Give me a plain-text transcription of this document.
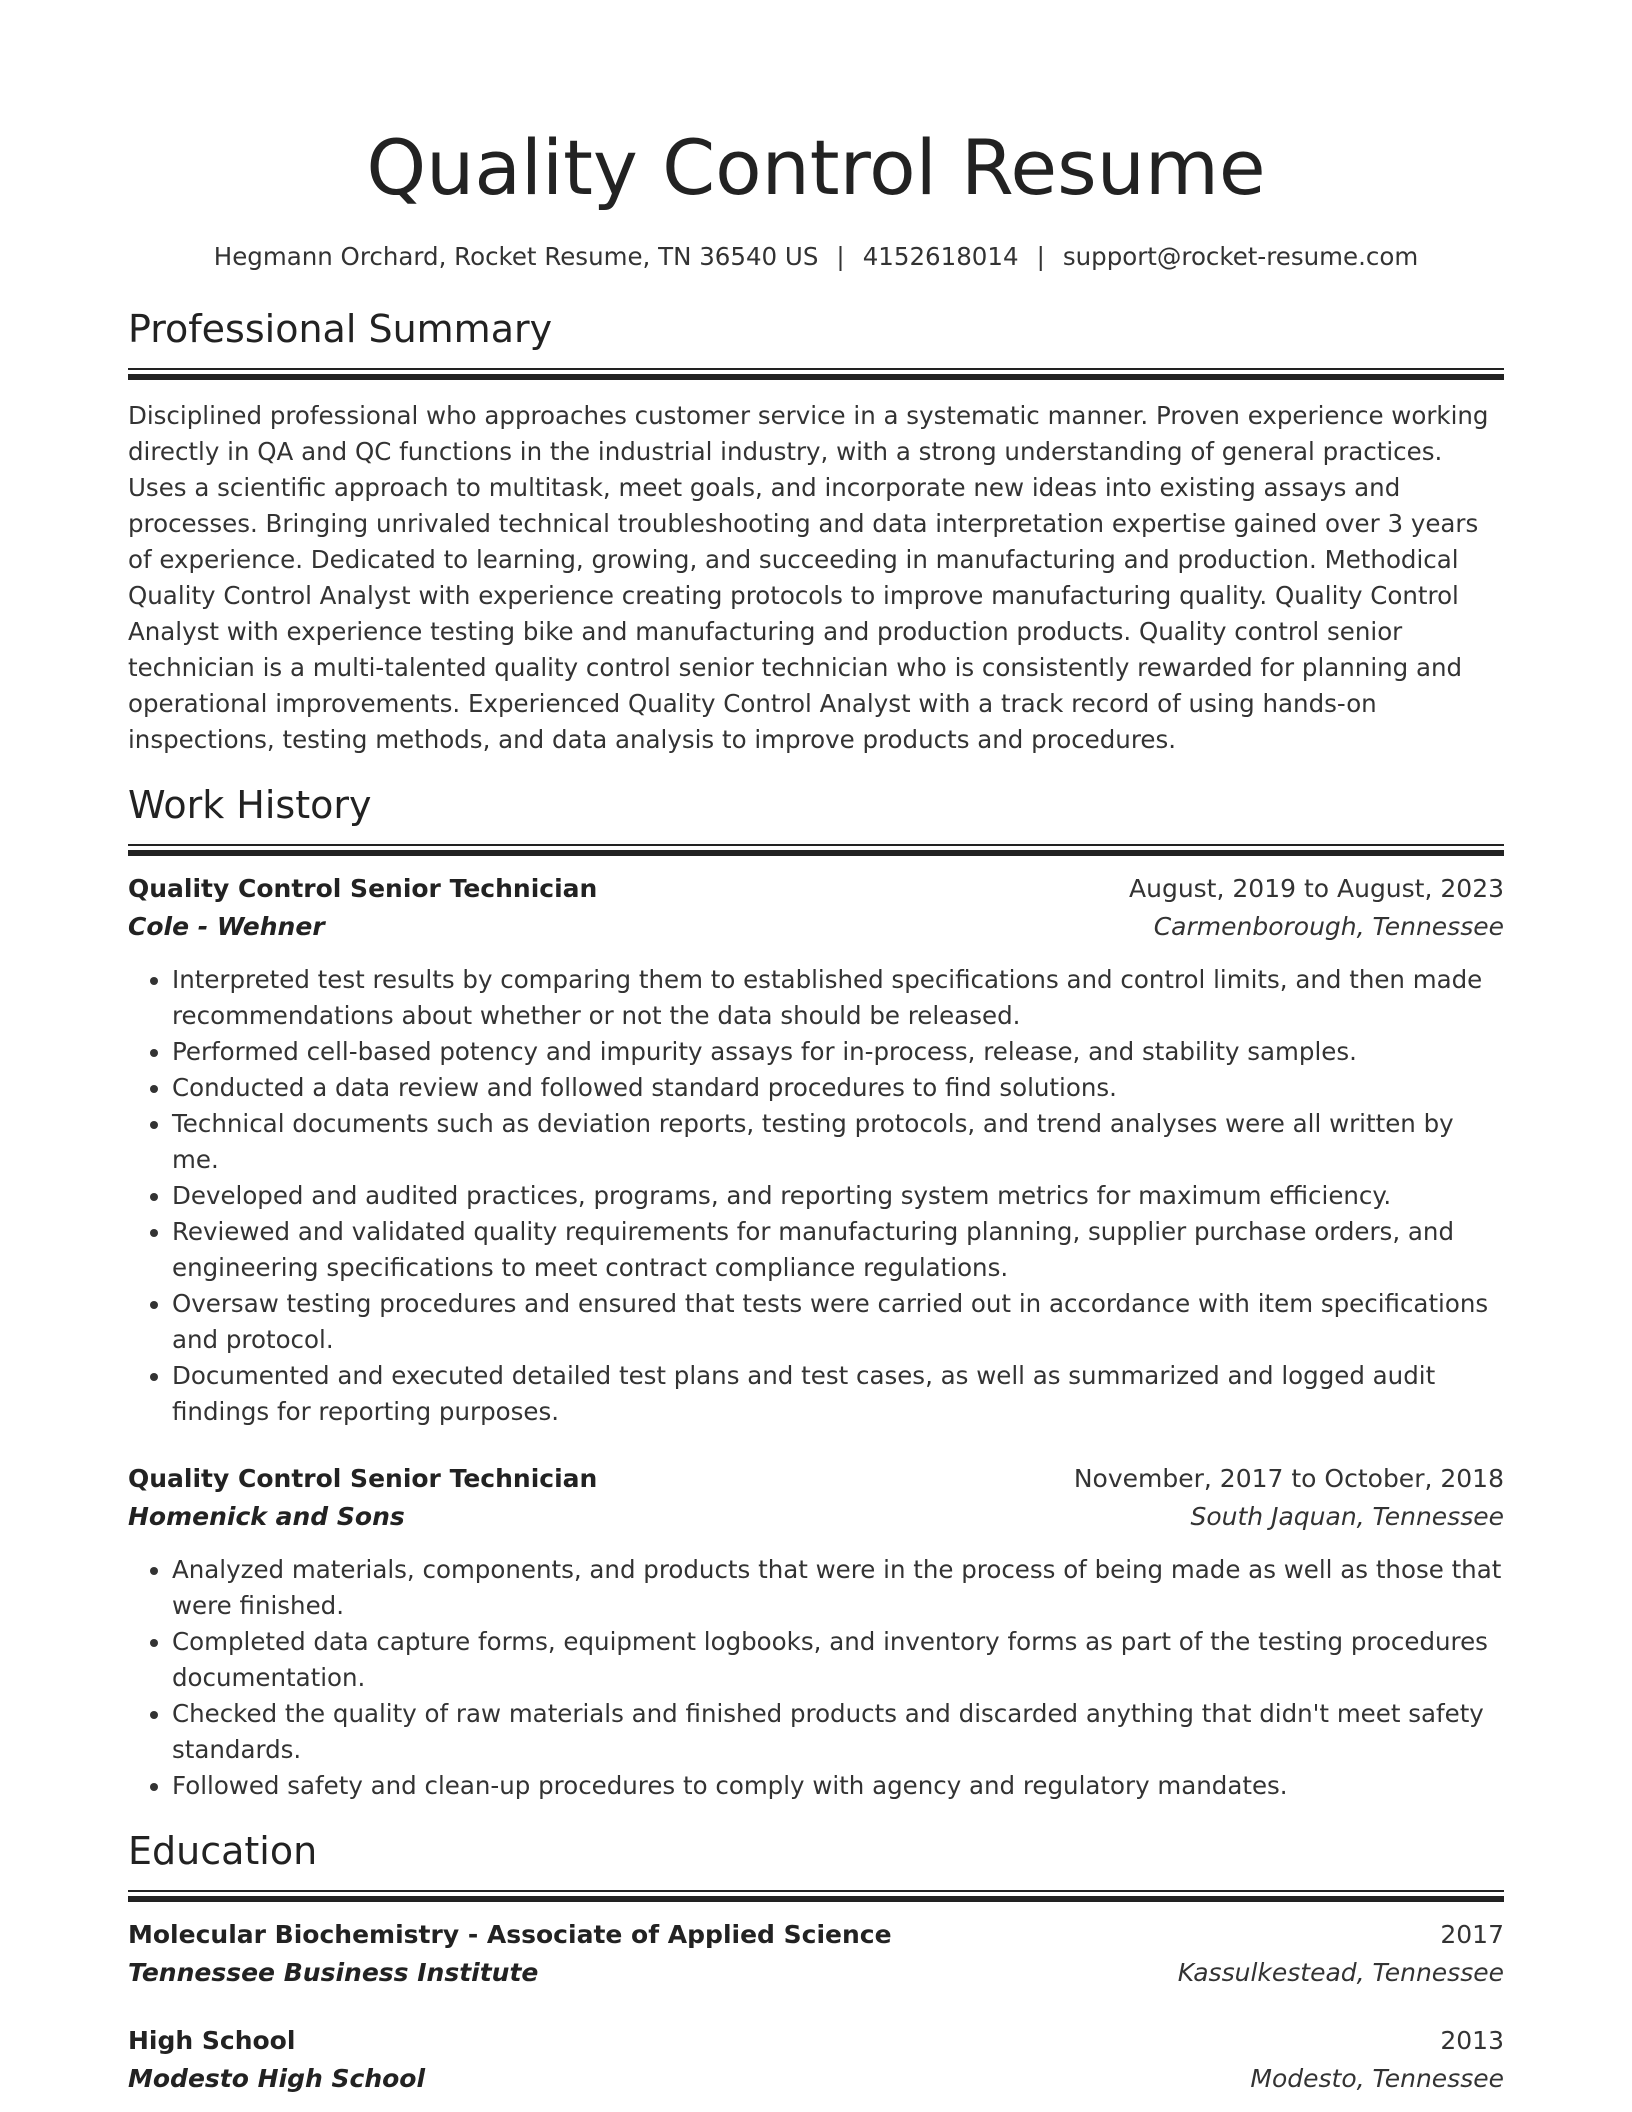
Quality Control Resume
Hegmann Orchard, Rocket Resume, TN 36540 US | 4152618014 | support@rocket-resume.com
Professional Summary

Disciplined professional who approaches customer service in a systematic manner. Proven experience working directly in QA and QC functions in the industrial industry, with a strong understanding of general practices. Uses a scientific approach to multitask, meet goals, and incorporate new ideas into existing assays and processes. Bringing unrivaled technical troubleshooting and data interpretation expertise gained over 3 years of experience. Dedicated to learning, growing, and succeeding in manufacturing and production. Methodical Quality Control Analyst with experience creating protocols to improve manufacturing quality. Quality Control Analyst with experience testing bike and manufacturing and production products. Quality control senior technician is a multi-talented quality control senior technician who is consistently rewarded for planning and operational improvements. Experienced Quality Control Analyst with a track record of using hands-on inspections, testing methods, and data analysis to improve products and procedures.

Work History
Quality Control Senior Technician	August, 2019 to August, 2023
Cole - Wehner	Carmenborough, Tennessee
• Interpreted test results by comparing them to established specifications and control limits, and then made recommendations about whether or not the data should be released.
• Performed cell-based potency and impurity assays for in-process, release, and stability samples.
• Conducted a data review and followed standard procedures to find solutions.
• Technical documents such as deviation reports, testing protocols, and trend analyses were all written by me.
• Developed and audited practices, programs, and reporting system metrics for maximum efficiency.
• Reviewed and validated quality requirements for manufacturing planning, supplier purchase orders, and engineering specifications to meet contract compliance regulations.
• Oversaw testing procedures and ensured that tests were carried out in accordance with item specifications and protocol.
• Documented and executed detailed test plans and test cases, as well as summarized and logged audit findings for reporting purposes.
Quality Control Senior Technician	November, 2017 to October, 2018
Homenick and Sons	South Jaquan, Tennessee
• Analyzed materials, components, and products that were in the process of being made as well as those that were finished.
• Completed data capture forms, equipment logbooks, and inventory forms as part of the testing procedures documentation.
• Checked the quality of raw materials and finished products and discarded anything that didn't meet safety standards.
• Followed safety and clean-up procedures to comply with agency and regulatory mandates.
Education
Molecular Biochemistry - Associate of Applied Science	2017
Tennessee Business Institute	Kassulkestead, Tennessee
High School	2013
Modesto High School	Modesto, Tennessee
